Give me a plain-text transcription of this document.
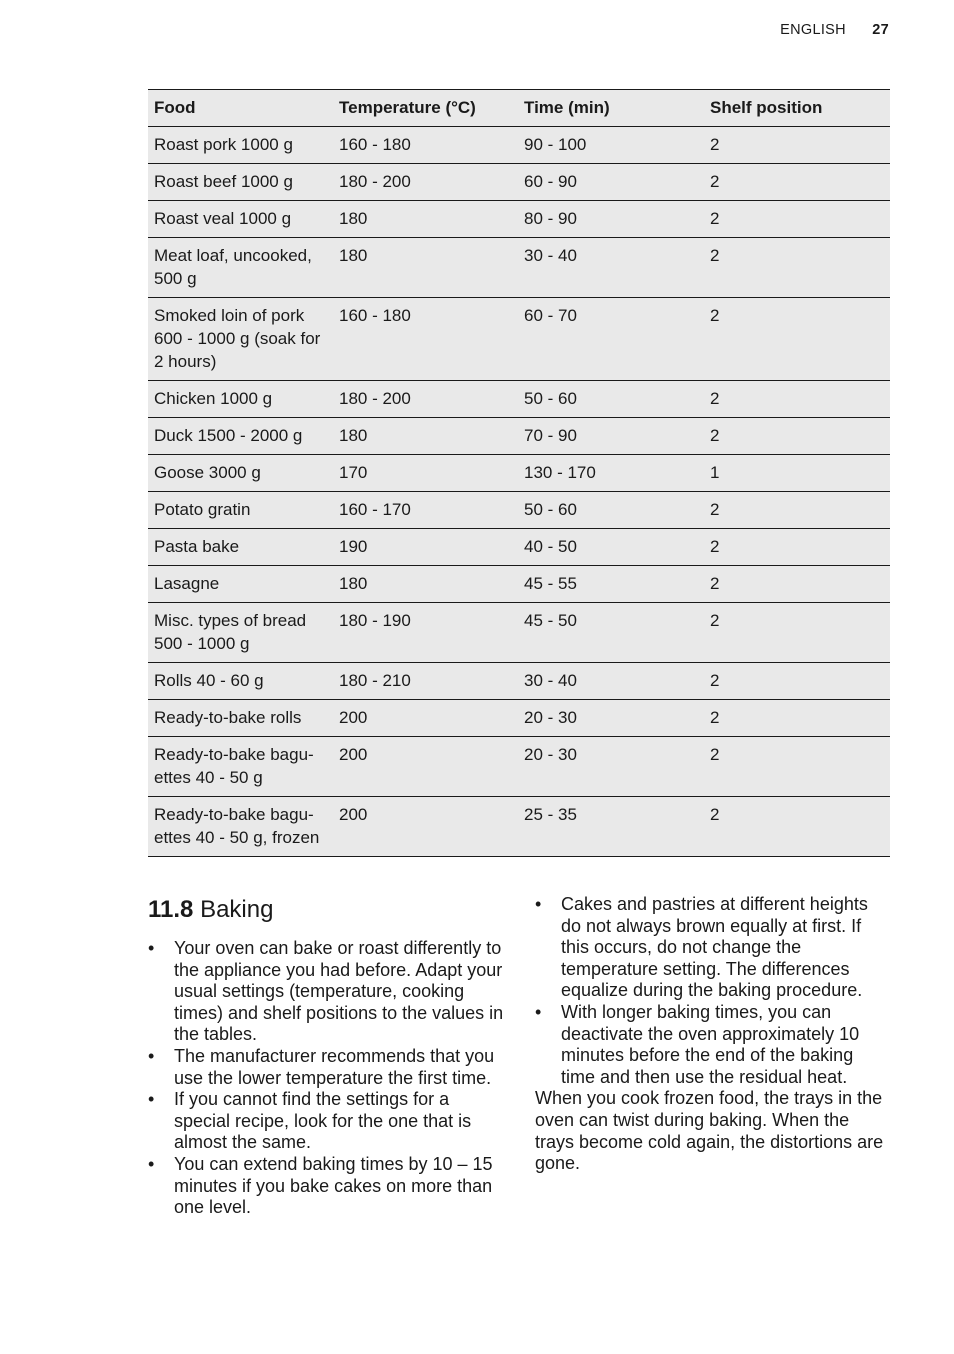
ENGLISH 27
Food	Temperature (°C)	Time (min)	Shelf position
Roast pork 1000 g	160 - 180	90 - 100	2
Roast beef 1000 g	180 - 200	60 - 90	2
Roast veal 1000 g	180	80 - 90	2
Meat loaf, uncooked, 500 g	180	30 - 40	2
Smoked loin of pork 600 - 1000 g (soak for 2 hours)	160 - 180	60 - 70	2
Chicken 1000 g	180 - 200	50 - 60	2
Duck 1500 - 2000 g	180	70 - 90	2
Goose 3000 g	170	130 - 170	1
Potato gratin	160 - 170	50 - 60	2
Pasta bake	190	40 - 50	2
Lasagne	180	45 - 55	2
Misc. types of bread 500 - 1000 g	180 - 190	45 - 50	2
Rolls 40 - 60 g	180 - 210	30 - 40	2
Ready-to-bake rolls	200	20 - 30	2
Ready-to-bake baguettes 40 - 50 g	200	20 - 30	2
Ready-to-bake baguettes 40 - 50 g, frozen	200	25 - 35	2
11.8 Baking
• Your oven can bake or roast differently to the appliance you had before. Adapt your usual settings (temperature, cooking times) and shelf positions to the values in the tables.
• The manufacturer recommends that you use the lower temperature the first time.
• If you cannot find the settings for a special recipe, look for the one that is almost the same.
• You can extend baking times by 10 – 15 minutes if you bake cakes on more than one level.
• Cakes and pastries at different heights do not always brown equally at first. If this occurs, do not change the temperature setting. The differences equalize during the baking procedure.
• With longer baking times, you can deactivate the oven approximately 10 minutes before the end of the baking time and then use the residual heat.

When you cook frozen food, the trays in the oven can twist during baking. When the trays become cold again, the distortions are gone.
